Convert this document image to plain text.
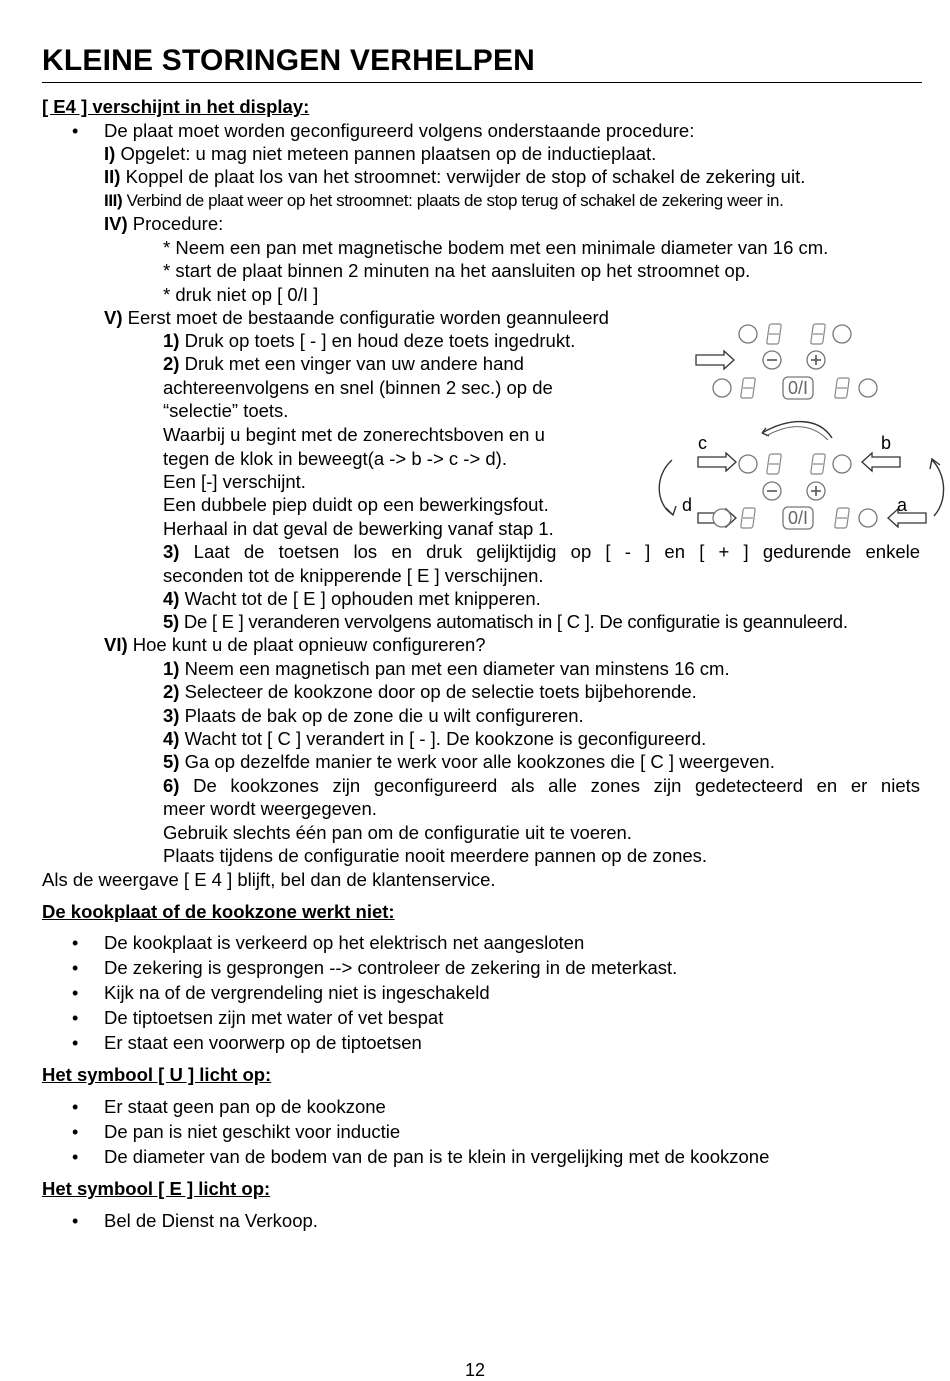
KLEINE STORINGEN VERHELPEN
[ E4 ] verschijnt in het display:
• De plaat moet worden geconfigureerd volgens onderstaande procedure:
I) Opgelet: u mag niet meteen pannen plaatsen op de inductieplaat.
II) Koppel de plaat los van het stroomnet: verwijder de stop of schakel de zekering uit.
III) Verbind de plaat weer op het stroomnet: plaats de stop terug of schakel de zekering weer in.
IV) Procedure:
* Neem een pan met magnetische bodem met een minimale diameter van 16 cm.
* start de plaat binnen 2 minuten na het aansluiten op het stroomnet op.
* druk niet op [ 0/I ]
V) Eerst moet de bestaande configuratie worden geannuleerd
1) Druk op toets [ - ] en houd deze toets ingedrukt.
2) Druk met een vinger van uw andere hand
achtereenvolgens en snel (binnen 2 sec.) op de
“selectie” toets.
Waarbij u begint met de zonerechtsboven en u
tegen de klok in beweegt(a -> b -> c -> d).
Een [-] verschijnt.
Een dubbele piep duidt op een bewerkingsfout.
Herhaal in dat geval de bewerking vanaf stap 1.
3) Laat de toetsen los en druk gelijktijdig op [ - ] en [ + ] gedurende enkele
seconden tot de knipperende [ E ] verschijnen.
4) Wacht tot de [ E ] ophouden met knipperen.
5) De [ E ] veranderen vervolgens automatisch in [ C ]. De configuratie is geannuleerd.
VI) Hoe kunt u de plaat opnieuw configureren?
1) Neem een magnetisch pan met een diameter van minstens 16 cm.
2) Selecteer de kookzone door op de selectie toets bijbehorende.
3) Plaats de bak op de zone die u wilt configureren.
4) Wacht tot [ C ] verandert in [ - ]. De kookzone is geconfigureerd.
5) Ga op dezelfde manier te werk voor alle kookzones die [ C ] weergeven.
6) De kookzones zijn geconfigureerd als alle zones zijn gedetecteerd en er niets
meer wordt weergegeven.
Gebruik slechts één pan om de configuratie uit te voeren.
Plaats tijdens de configuratie nooit meerdere pannen op de zones.
Als de weergave [ E 4 ] blijft, bel dan de klantenservice.
0/I
c	b
0/I
d	a
De kookplaat of de kookzone werkt niet:
• De kookplaat is verkeerd op het elektrisch net aangesloten
• De zekering is gesprongen --> controleer de zekering in de meterkast.
• Kijk na of de vergrendeling niet is ingeschakeld
• De tiptoetsen zijn met water of vet bespat
• Er staat een voorwerp op de tiptoetsen
Het symbool [ U ] licht op:
• Er staat geen pan op de kookzone
• De pan is niet geschikt voor inductie
• De diameter van de bodem van de pan is te klein in vergelijking met de kookzone
Het symbool [ E ] licht op:
• Bel de Dienst na Verkoop.
12
